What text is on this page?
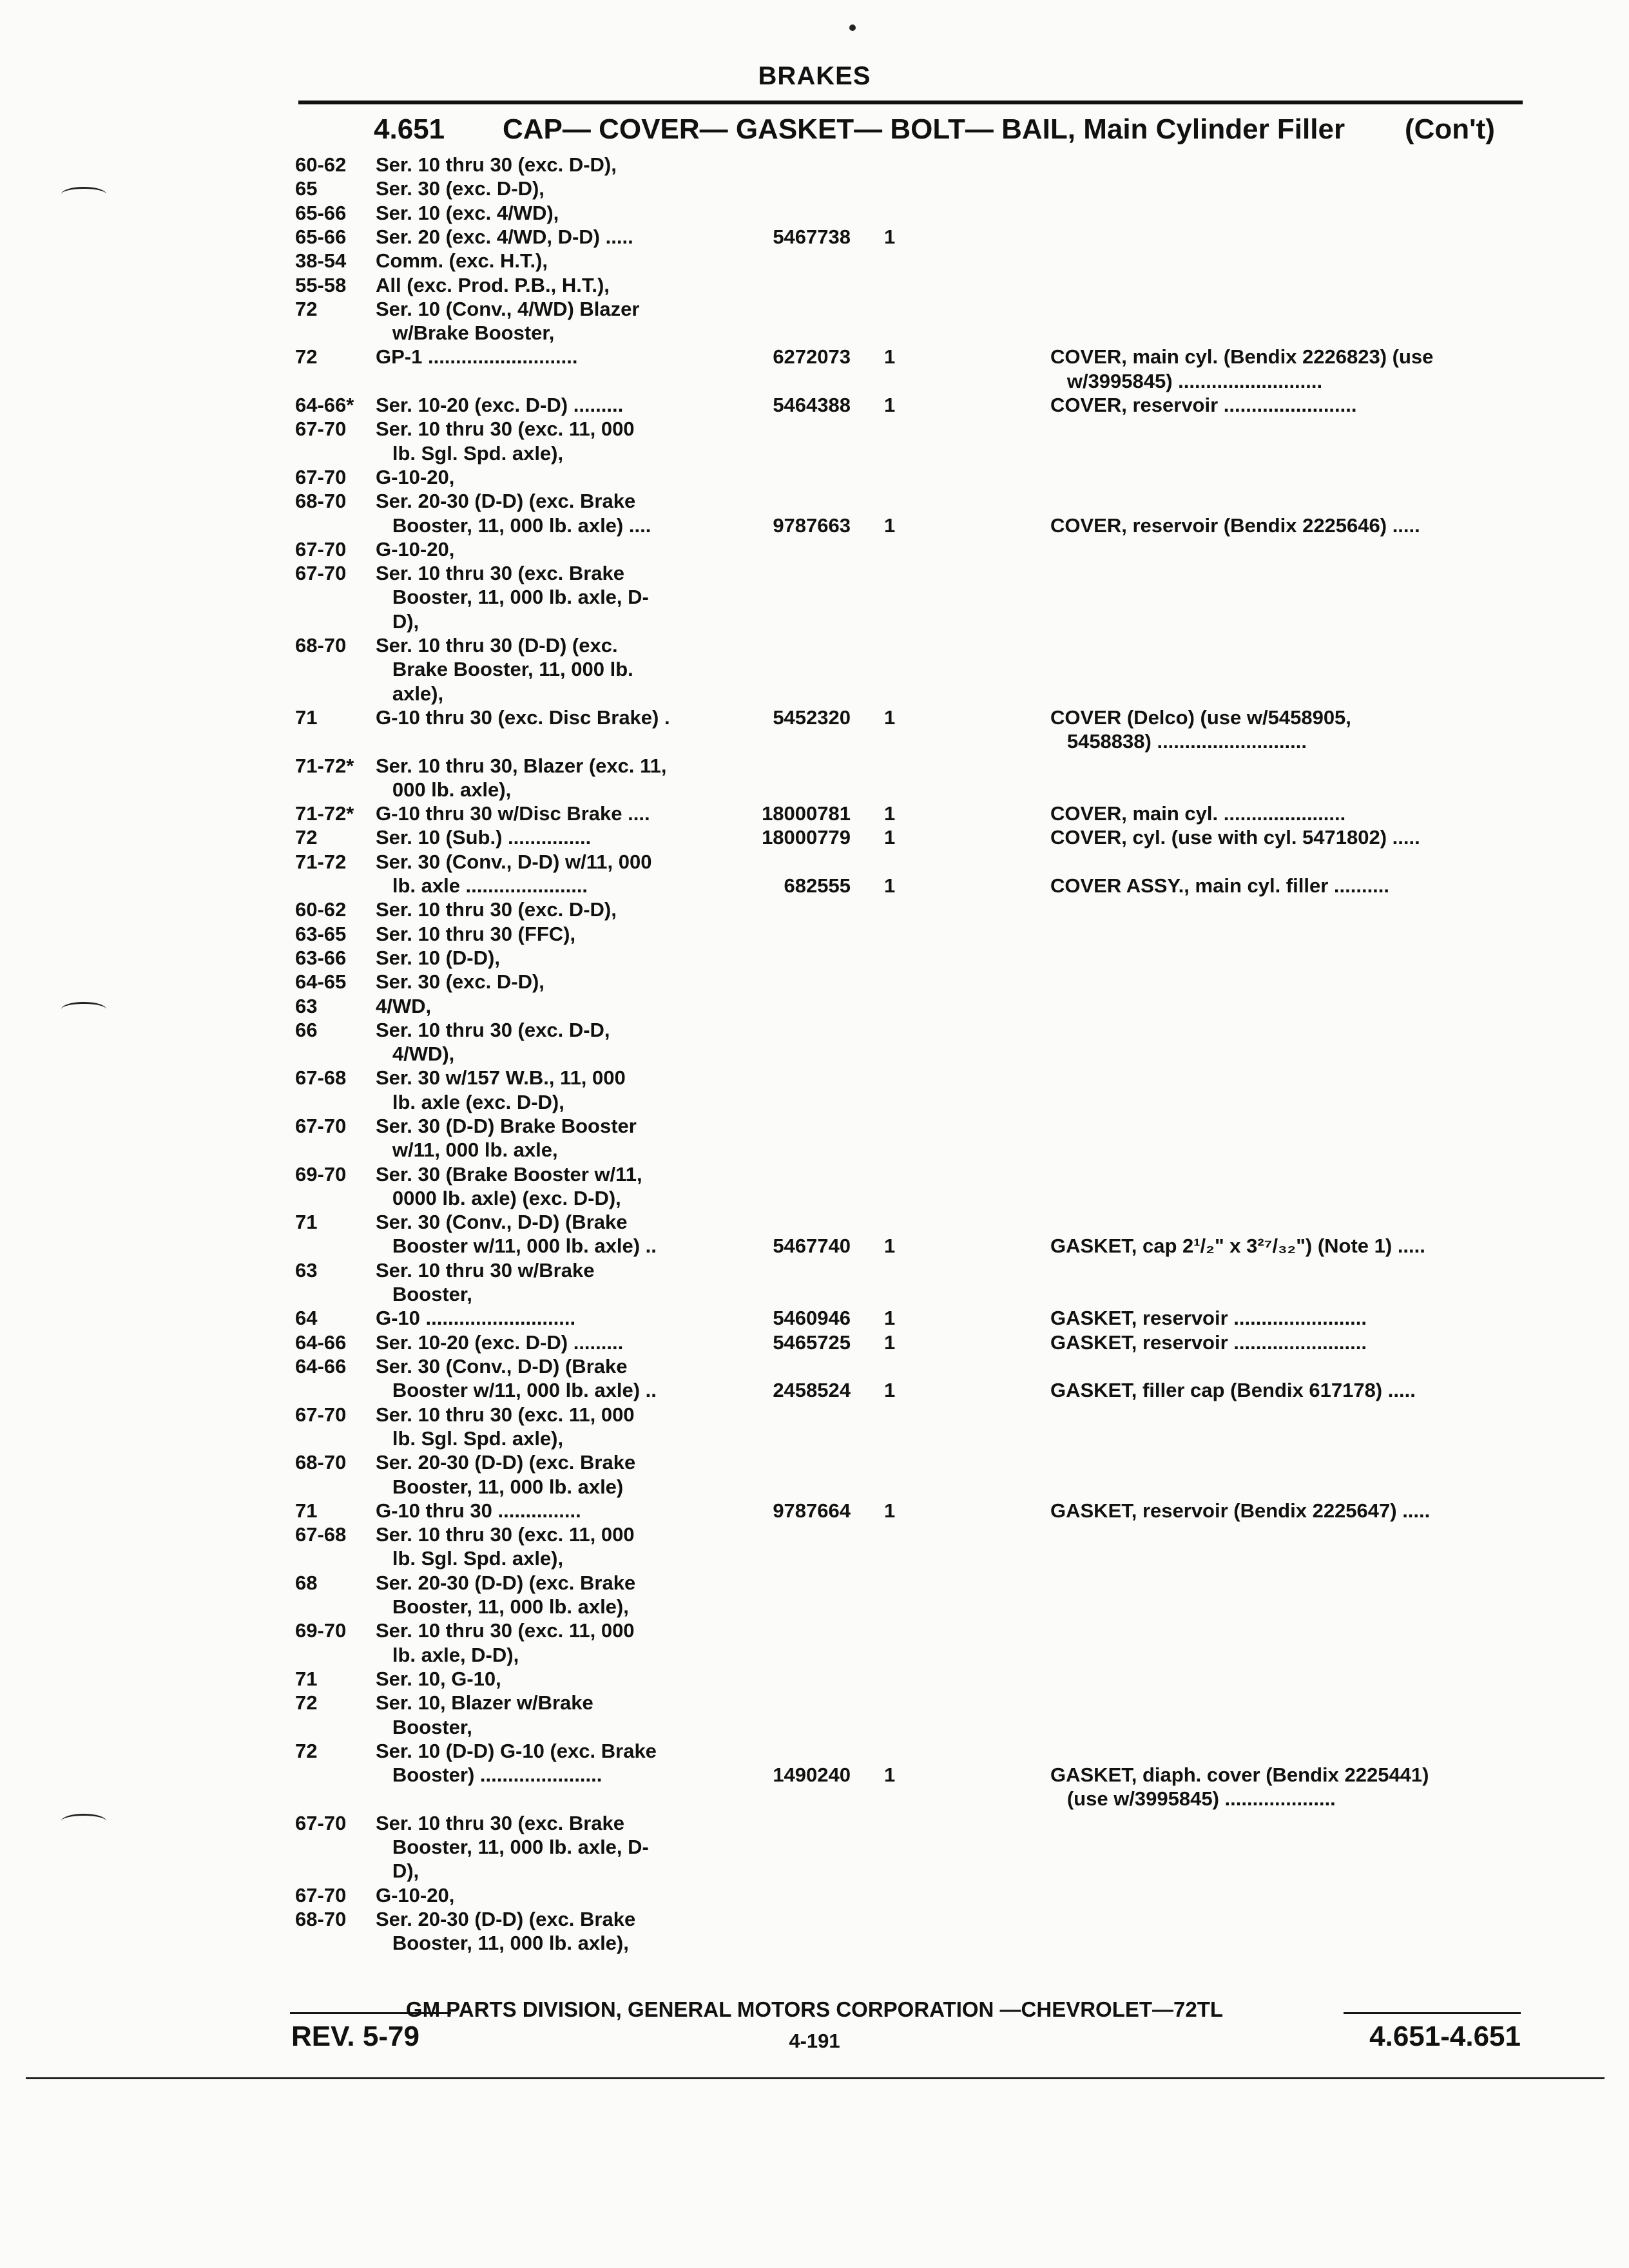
BRAKES
4.651 CAP— COVER— GASKET— BOLT— BAIL, Main Cylinder Filler (Con't)
60-62 Ser. 10 thru 30 (exc. D-D),
65	Ser. 30 (exc. D-D),
65-66 Ser. 10 (exc. 4/WD),
65-66 Ser. 20 (exc. 4/WD, D-D) .....	5467738 1
38-54 Comm. (exc. H.T.),
55-58 All (exc. Prod. P.B., H.T.),
72	Ser. 10 (Conv., 4/WD) Blazer
w/Brake Booster,
72	GP-1 ...........................	6272073 1	COVER, main cyl. (Bendix 2226823) (use
w/3995845) ..........................
64-66* Ser. 10-20 (exc. D-D) .........	5464388 1	COVER, reservoir ........................
67-70 Ser. 10 thru 30 (exc. 11, 000
lb. Sgl. Spd. axle),
67-70 G-10-20,
68-70 Ser. 20-30 (D-D) (exc. Brake
Booster, 11, 000 lb. axle) ....	9787663 1	COVER, reservoir (Bendix 2225646) .....
67-70 G-10-20,
67-70 Ser. 10 thru 30 (exc. Brake
Booster, 11, 000 lb. axle, D-
D),
68-70 Ser. 10 thru 30 (D-D) (exc.
Brake Booster, 11, 000 lb.
axle),
71	G-10 thru 30 (exc. Disc Brake) .	5452320 1	COVER (Delco) (use w/5458905,
5458838) ...........................
71-72* Ser. 10 thru 30, Blazer (exc. 11,
000 lb. axle),
71-72* G-10 thru 30 w/Disc Brake ....	18000781 1	COVER, main cyl. ......................
72	Ser. 10 (Sub.) ...............	18000779 1	COVER, cyl. (use with cyl. 5471802) .....
71-72 Ser. 30 (Conv., D-D) w/11, 000
lb. axle ......................	682555 1	COVER ASSY., main cyl. filler ..........
60-62 Ser. 10 thru 30 (exc. D-D),
63-65 Ser. 10 thru 30 (FFC),
63-66 Ser. 10 (D-D),
64-65 Ser. 30 (exc. D-D),
63	4/WD,
66	Ser. 10 thru 30 (exc. D-D,
4/WD),
67-68 Ser. 30 w/157 W.B., 11, 000
lb. axle (exc. D-D),
67-70 Ser. 30 (D-D) Brake Booster
w/11, 000 lb. axle,
69-70 Ser. 30 (Brake Booster w/11,
0000 lb. axle) (exc. D-D),
71	Ser. 30 (Conv., D-D) (Brake
Booster w/11, 000 lb. axle) ..	5467740 1	GASKET, cap 2¹/₂" x 3²⁷/₃₂") (Note 1) .....
63	Ser. 10 thru 30 w/Brake
Booster,
64	G-10 ...........................	5460946 1	GASKET, reservoir ........................
64-66 Ser. 10-20 (exc. D-D) .........	5465725 1	GASKET, reservoir ........................
64-66 Ser. 30 (Conv., D-D) (Brake
Booster w/11, 000 lb. axle) ..	2458524 1	GASKET, filler cap (Bendix 617178) .....
67-70 Ser. 10 thru 30 (exc. 11, 000
lb. Sgl. Spd. axle),
68-70 Ser. 20-30 (D-D) (exc. Brake
Booster, 11, 000 lb. axle)
71	G-10 thru 30 ...............	9787664 1	GASKET, reservoir (Bendix 2225647) .....
67-68 Ser. 10 thru 30 (exc. 11, 000
lb. Sgl. Spd. axle),
68	Ser. 20-30 (D-D) (exc. Brake
Booster, 11, 000 lb. axle),
69-70 Ser. 10 thru 30 (exc. 11, 000
lb. axle, D-D),
71	Ser. 10, G-10,
72	Ser. 10, Blazer w/Brake
Booster,
72	Ser. 10 (D-D) G-10 (exc. Brake
Booster) ......................	1490240 1	GASKET, diaph. cover (Bendix 2225441)
(use w/3995845) ....................
67-70 Ser. 10 thru 30 (exc. Brake
Booster, 11, 000 lb. axle, D-
D),
67-70 G-10-20,
68-70 Ser. 20-30 (D-D) (exc. Brake
Booster, 11, 000 lb. axle),
GM PARTS DIVISION, GENERAL MOTORS CORPORATION —CHEVROLET—72TL
REV. 5-79	4-191	4.651-4.651
